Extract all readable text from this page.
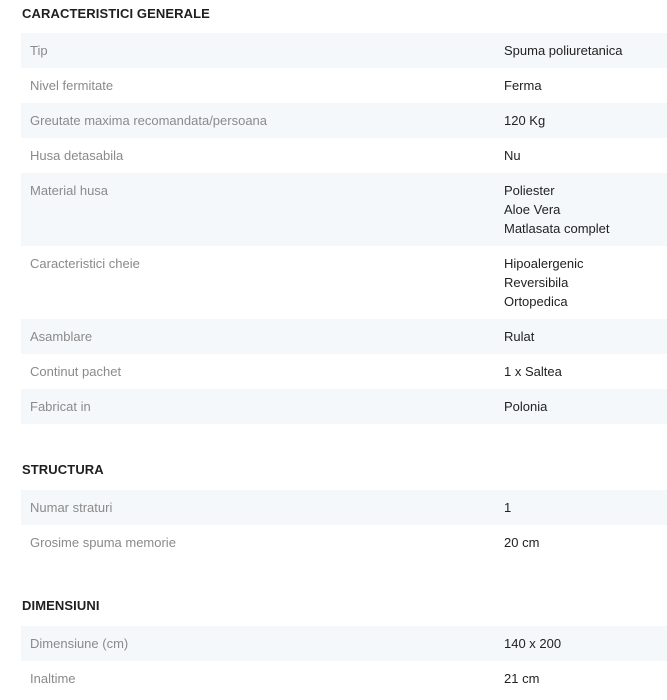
CARACTERISTICI GENERALE
Tip	Spuma poliuretanica
Nivel fermitate	Ferma
Greutate maxima recomandata/persoana	120 Kg
Husa detasabila	Nu
Material husa	Poliester
Aloe Vera
Matlasata complet
Caracteristici cheie	Hipoalergenic
Reversibila
Ortopedica
Asamblare	Rulat
Continut pachet	1 x Saltea
Fabricat in	Polonia
STRUCTURA
Numar straturi	1
Grosime spuma memorie	20 cm
DIMENSIUNI
Dimensiune (cm)	140 x 200
Inaltime	21 cm
